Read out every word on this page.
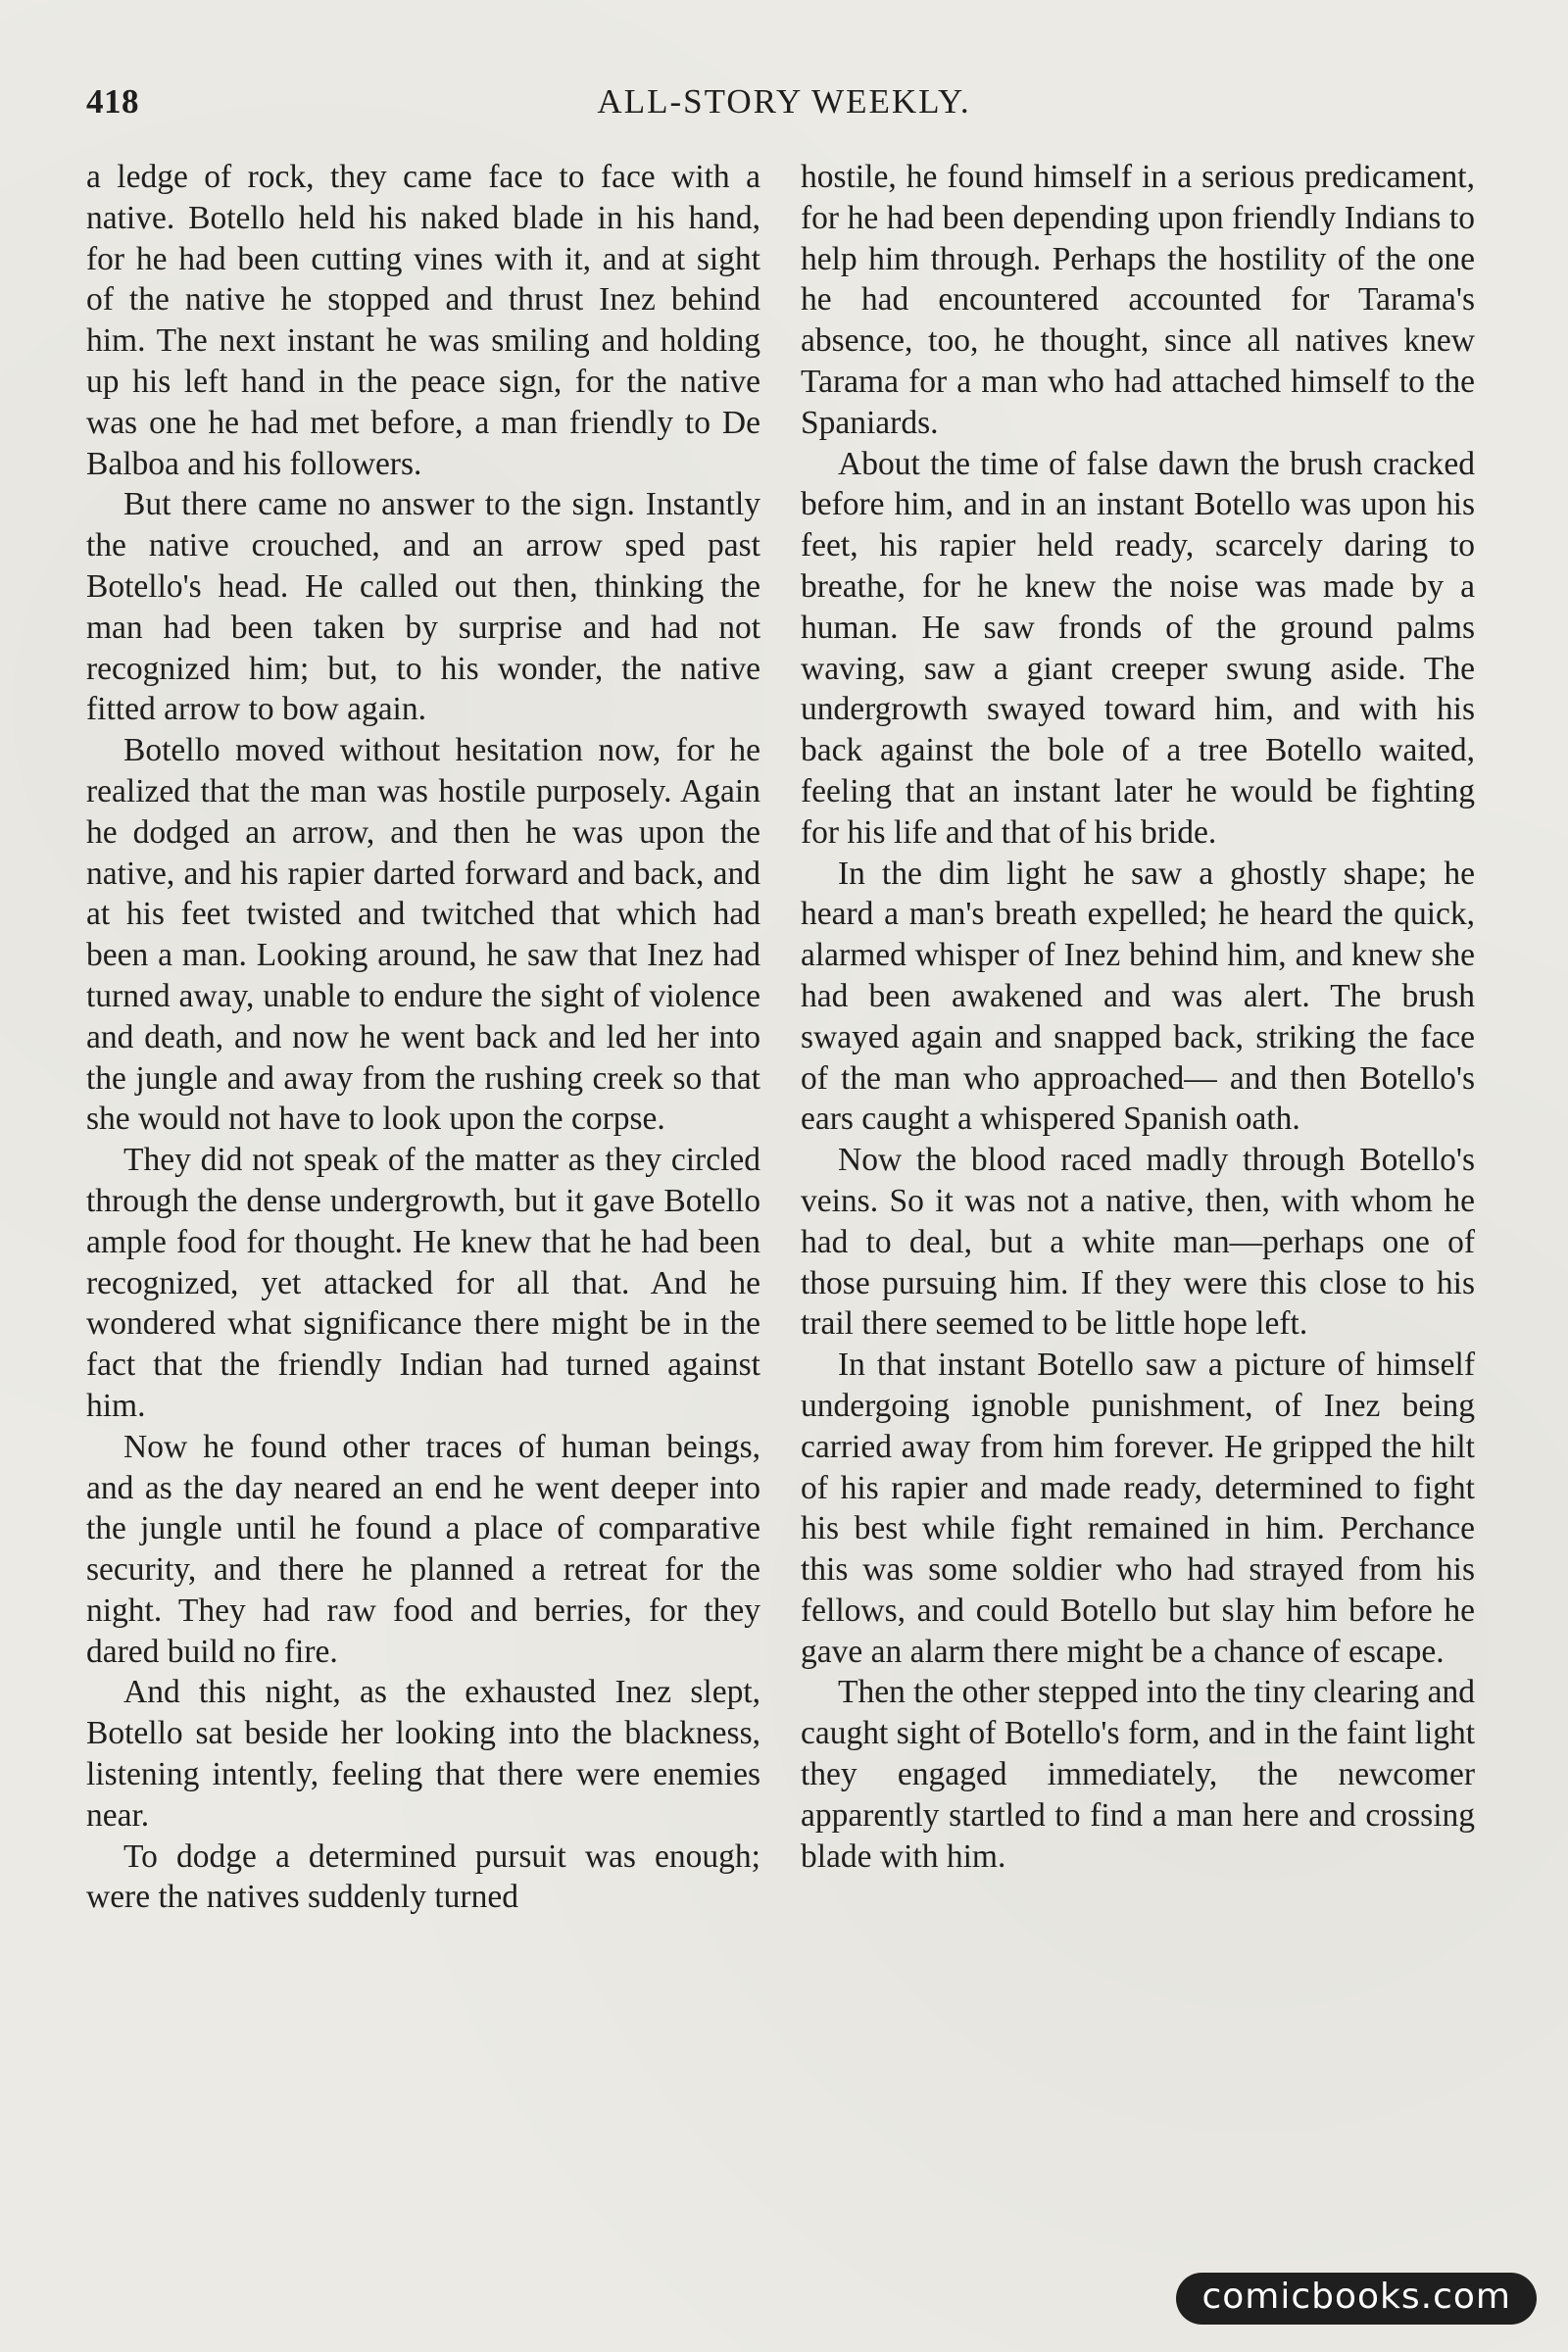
418	ALL-STORY WEEKLY.

a ledge of rock, they came face to face with a native. Botello held his naked blade in his hand, for he had been cutting vines with it, and at sight of the native he stopped and thrust Inez behind him. The next instant he was smiling and holding up his left hand in the peace sign, for the native was one he had met before, a man friendly to De Balboa and his followers.

But there came no answer to the sign. Instantly the native crouched, and an arrow sped past Botello's head. He called out then, thinking the man had been taken by surprise and had not recognized him; but, to his wonder, the native fitted arrow to bow again.

Botello moved without hesitation now, for he realized that the man was hostile purposely. Again he dodged an arrow, and then he was upon the native, and his rapier darted forward and back, and at his feet twisted and twitched that which had been a man. Looking around, he saw that Inez had turned away, unable to endure the sight of violence and death, and now he went back and led her into the jungle and away from the rushing creek so that she would not have to look upon the corpse.

They did not speak of the matter as they circled through the dense undergrowth, but it gave Botello ample food for thought. He knew that he had been recognized, yet attacked for all that. And he wondered what significance there might be in the fact that the friendly Indian had turned against him.

Now he found other traces of human beings, and as the day neared an end he went deeper into the jungle until he found a place of comparative security, and there he planned a retreat for the night. They had raw food and berries, for they dared build no fire.

And this night, as the exhausted Inez slept, Botello sat beside her looking into the blackness, listening intently, feeling that there were enemies near.

To dodge a determined pursuit was enough; were the natives suddenly turned

hostile, he found himself in a serious predicament, for he had been depending upon friendly Indians to help him through. Perhaps the hostility of the one he had encountered accounted for Tarama's absence, too, he thought, since all natives knew Tarama for a man who had attached himself to the Spaniards.

About the time of false dawn the brush cracked before him, and in an instant Botello was upon his feet, his rapier held ready, scarcely daring to breathe, for he knew the noise was made by a human. He saw fronds of the ground palms waving, saw a giant creeper swung aside. The undergrowth swayed toward him, and with his back against the bole of a tree Botello waited, feeling that an instant later he would be fighting for his life and that of his bride.

In the dim light he saw a ghostly shape; he heard a man's breath expelled; he heard the quick, alarmed whisper of Inez behind him, and knew she had been awakened and was alert. The brush swayed again and snapped back, striking the face of the man who approached— and then Botello's ears caught a whispered Spanish oath.

Now the blood raced madly through Botello's veins. So it was not a native, then, with whom he had to deal, but a white man—perhaps one of those pursuing him. If they were this close to his trail there seemed to be little hope left.

In that instant Botello saw a picture of himself undergoing ignoble punishment, of Inez being carried away from him forever. He gripped the hilt of his rapier and made ready, determined to fight his best while fight remained in him. Perchance this was some soldier who had strayed from his fellows, and could Botello but slay him before he gave an alarm there might be a chance of escape.

Then the other stepped into the tiny clearing and caught sight of Botello's form, and in the faint light they engaged immediately, the newcomer apparently startled to find a man here and crossing blade with him.

comicbooks.com
